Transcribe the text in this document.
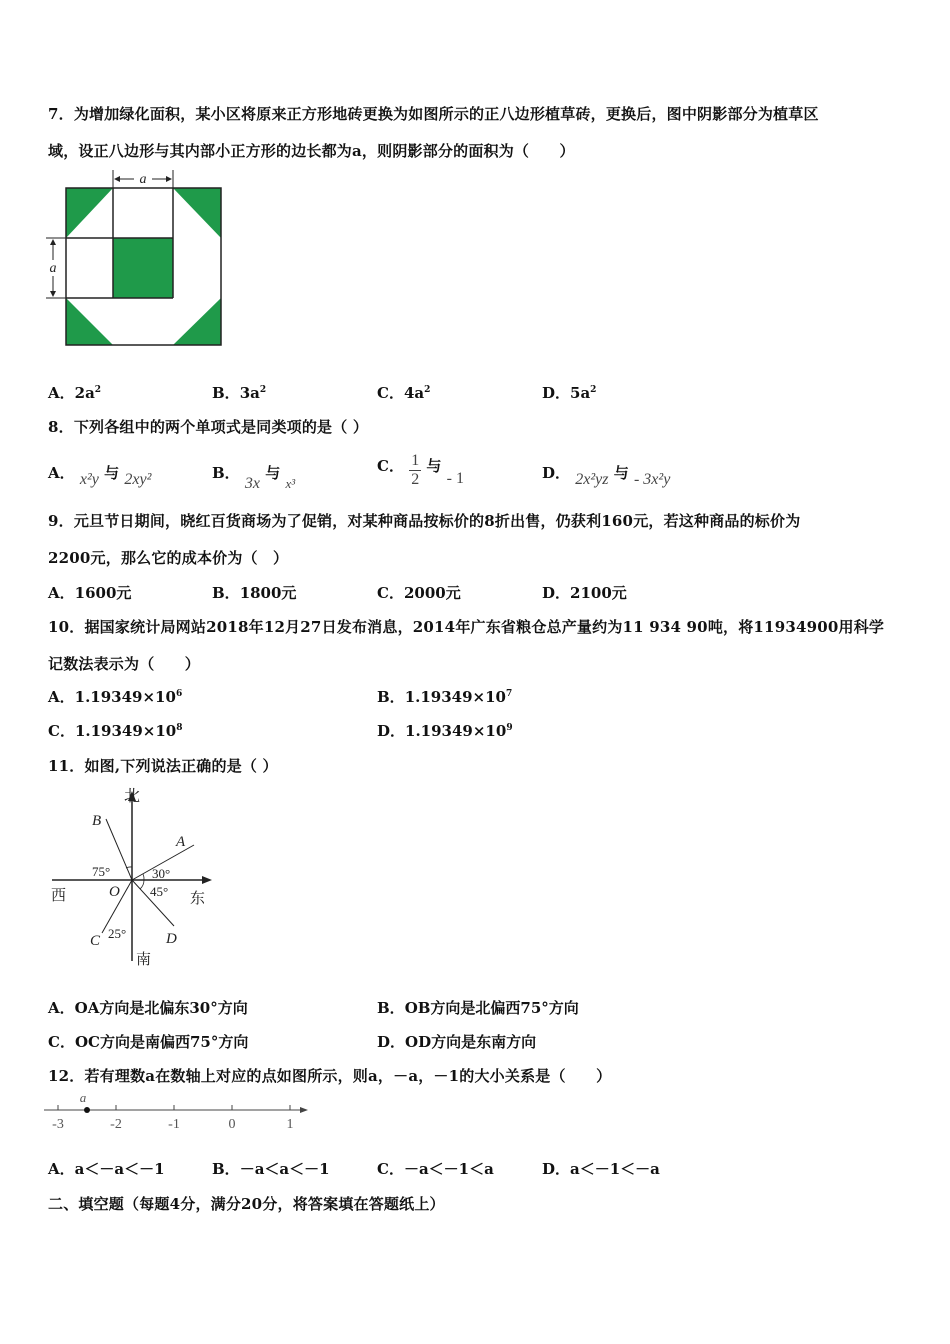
7．为增加绿化面积，某小区将原来正方形地砖更换为如图所示的正八边形植草砖，更换后，图中阴影部分为植草区
域，设正八边形与其内部小正方形的边长都为a，则阴影部分的面积为（　　）
a
a
A．$2a^2$	B．$3a^2$	C．$4a^2$	D．$5a^2$
8．下列各组中的两个单项式是同类项的是（ ）
A． x²y 与 2xy²	B． 3x 与 x³
C． $\frac{1}{2}$ 与 - 1	D． 2x²yz 与 - 3x²y
9．元旦节日期间，晓红百货商场为了促销，对某种商品按标价的8折出售，仍获利160元，若这种商品的标价为
2200元，那么它的成本价为（　）
A．1600元	B．1800元	C．2000元	D．2100元
10．据国家统计局网站2018年12月27日发布消息，2014年广东省粮仓总产量约为11 934 90吨，将11934900用科学
记数法表示为（　　）
A．$1.19349\times 10^6$	B．$1.19349\times 10^7$
C．$1.19349\times 10^8$	D．$1.19349\times 10^9$
11．如图,下列说法正确的是（ ）
北
南
西	东
A
B
C	D
O
75°	30°
45°
25°
A．OA方向是北偏东30°方向	B．OB方向是北偏西75°方向
C．OC方向是南偏西75°方向	D．OD方向是东南方向
12．若有理数a在数轴上对应的点如图所示，则a，－a，－1的大小关系是（　　）
-3	-2	-1	0	1
a
A．a＜－a＜－1	B．－a＜a＜－1	C．－a＜－1＜a	D．a＜－1＜－a
二、填空题（每题4分，满分20分，将答案填在答题纸上）
